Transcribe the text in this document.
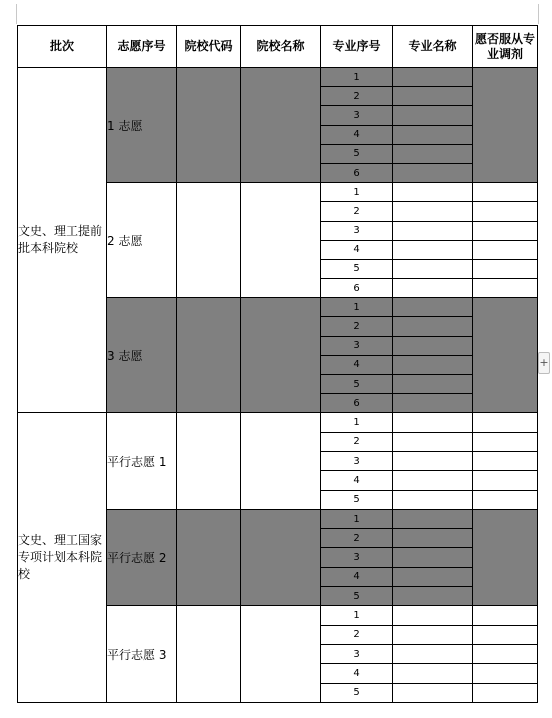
+
批次	志愿序号	院校代码	院校名称	专业序号	专业名称	愿否服从专业调剂
文史、理工提前批本科院校	1 志愿			1		
				2		
				3		
				4		
				5		
				6		
	2 志愿			1		
				2		
				3		
				4		
				5		
				6		
	3 志愿			1		
				2		
				3		
				4		
				5		
				6		
文史、理工国家专项计划本科院校	平行志愿 1			1		
				2		
				3		
				4		
				5		
	平行志愿 2			1		
				2		
				3		
				4		
				5		
	平行志愿 3			1		
				2		
				3		
				4		
				5		
